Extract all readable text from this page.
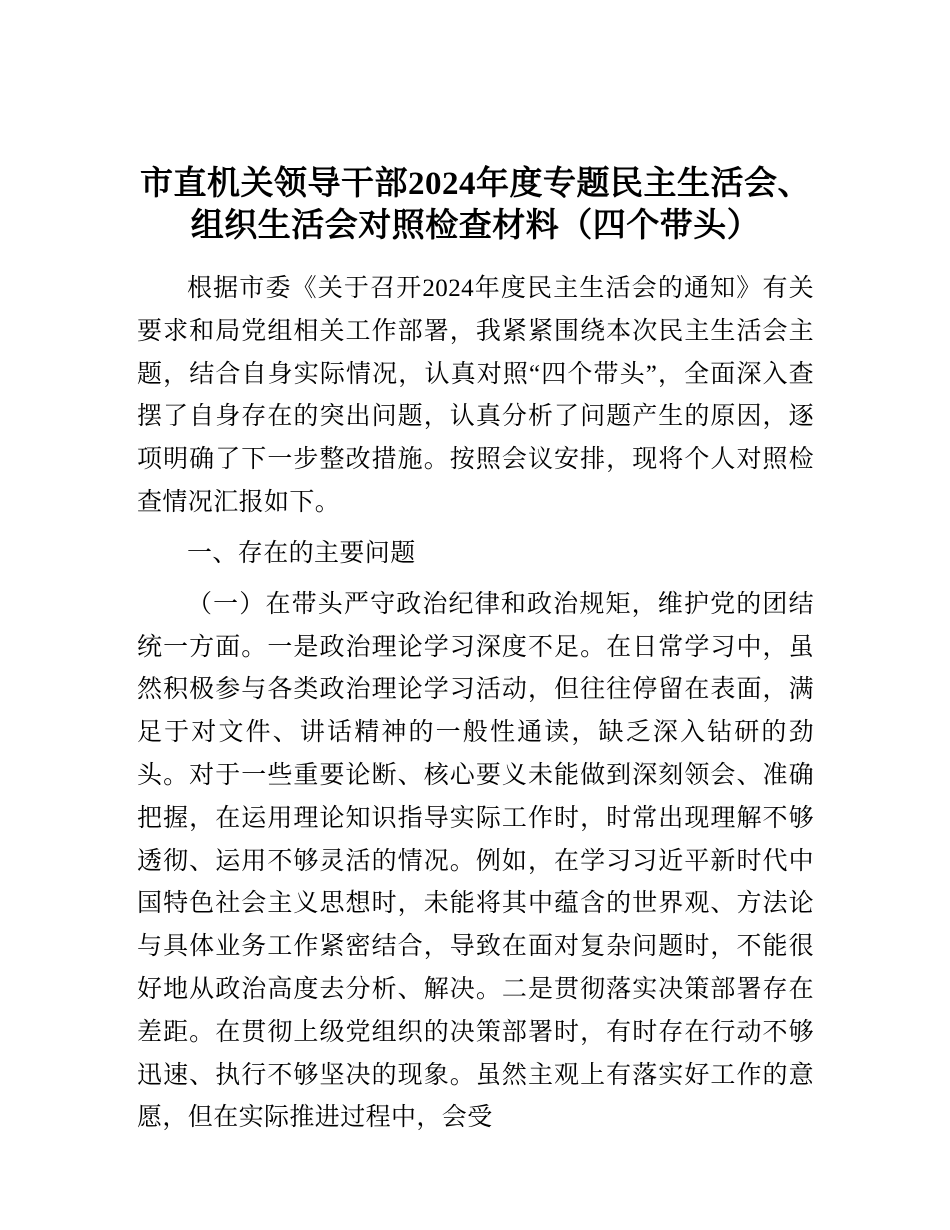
市直机关领导干部2024年度专题民主生活会、
组织生活会对照检查材料（四个带头）

根据市委《关于召开2024年度民主生活会的通知》有关要求和局党组相关工作部署，我紧紧围绕本次民主生活会主题，结合自身实际情况，认真对照“四个带头”，全面深入查摆了自身存在的突出问题，认真分析了问题产生的原因，逐项明确了下一步整改措施。按照会议安排，现将个人对照检查情况汇报如下。

一、存在的主要问题

（一）在带头严守政治纪律和政治规矩，维护党的团结统一方面。一是政治理论学习深度不足。在日常学习中，虽然积极参与各类政治理论学习活动，但往往停留在表面，满足于对文件、讲话精神的一般性通读，缺乏深入钻研的劲头。对于一些重要论断、核心要义未能做到深刻领会、准确把握，在运用理论知识指导实际工作时，时常出现理解不够透彻、运用不够灵活的情况。例如，在学习习近平新时代中国特色社会主义思想时，未能将其中蕴含的世界观、方法论与具体业务工作紧密结合，导致在面对复杂问题时，不能很好地从政治高度去分析、解决。二是贯彻落实决策部署存在差距。在贯彻上级党组织的决策部署时，有时存在行动不够迅速、执行不够坚决的现象。虽然主观上有落实好工作的意愿，但在实际推进过程中，会受
